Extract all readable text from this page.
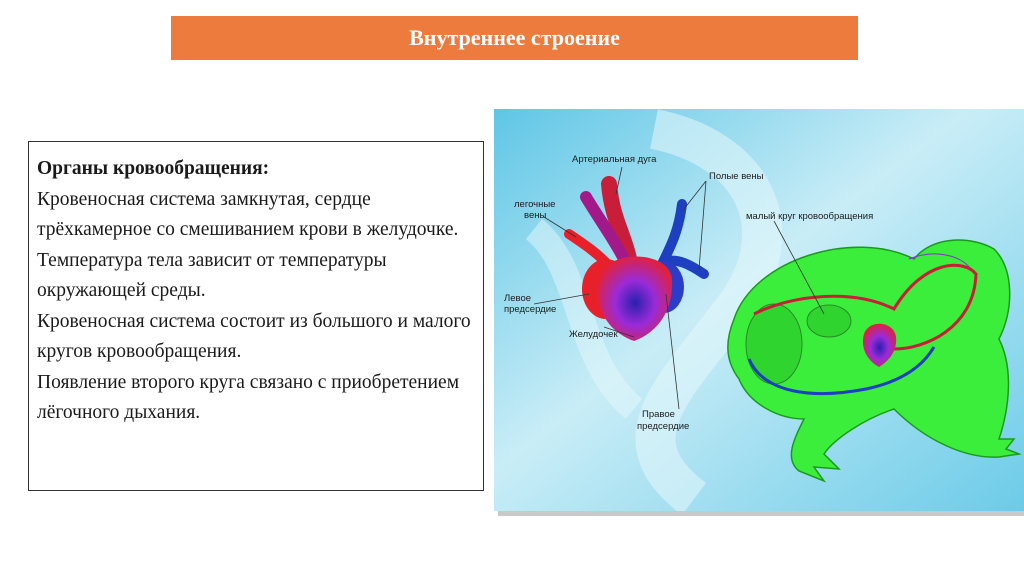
Внутреннее строение

Органы кровообращения:

Кровеносная система замкнутая, сердце трёхкамерное со смешиванием крови в желудочке.

Температура тела зависит от температуры окружающей среды.

Кровеносная система состоит из большого и малого кругов кровообращения.

Появление второго круга связано с приобретением лёгочного дыхания.

Артериальная дуга
Полые вены
легочные
вены	малый круг кровообращения
Левое
предсердие
Желудочек
Правое
предсердие
